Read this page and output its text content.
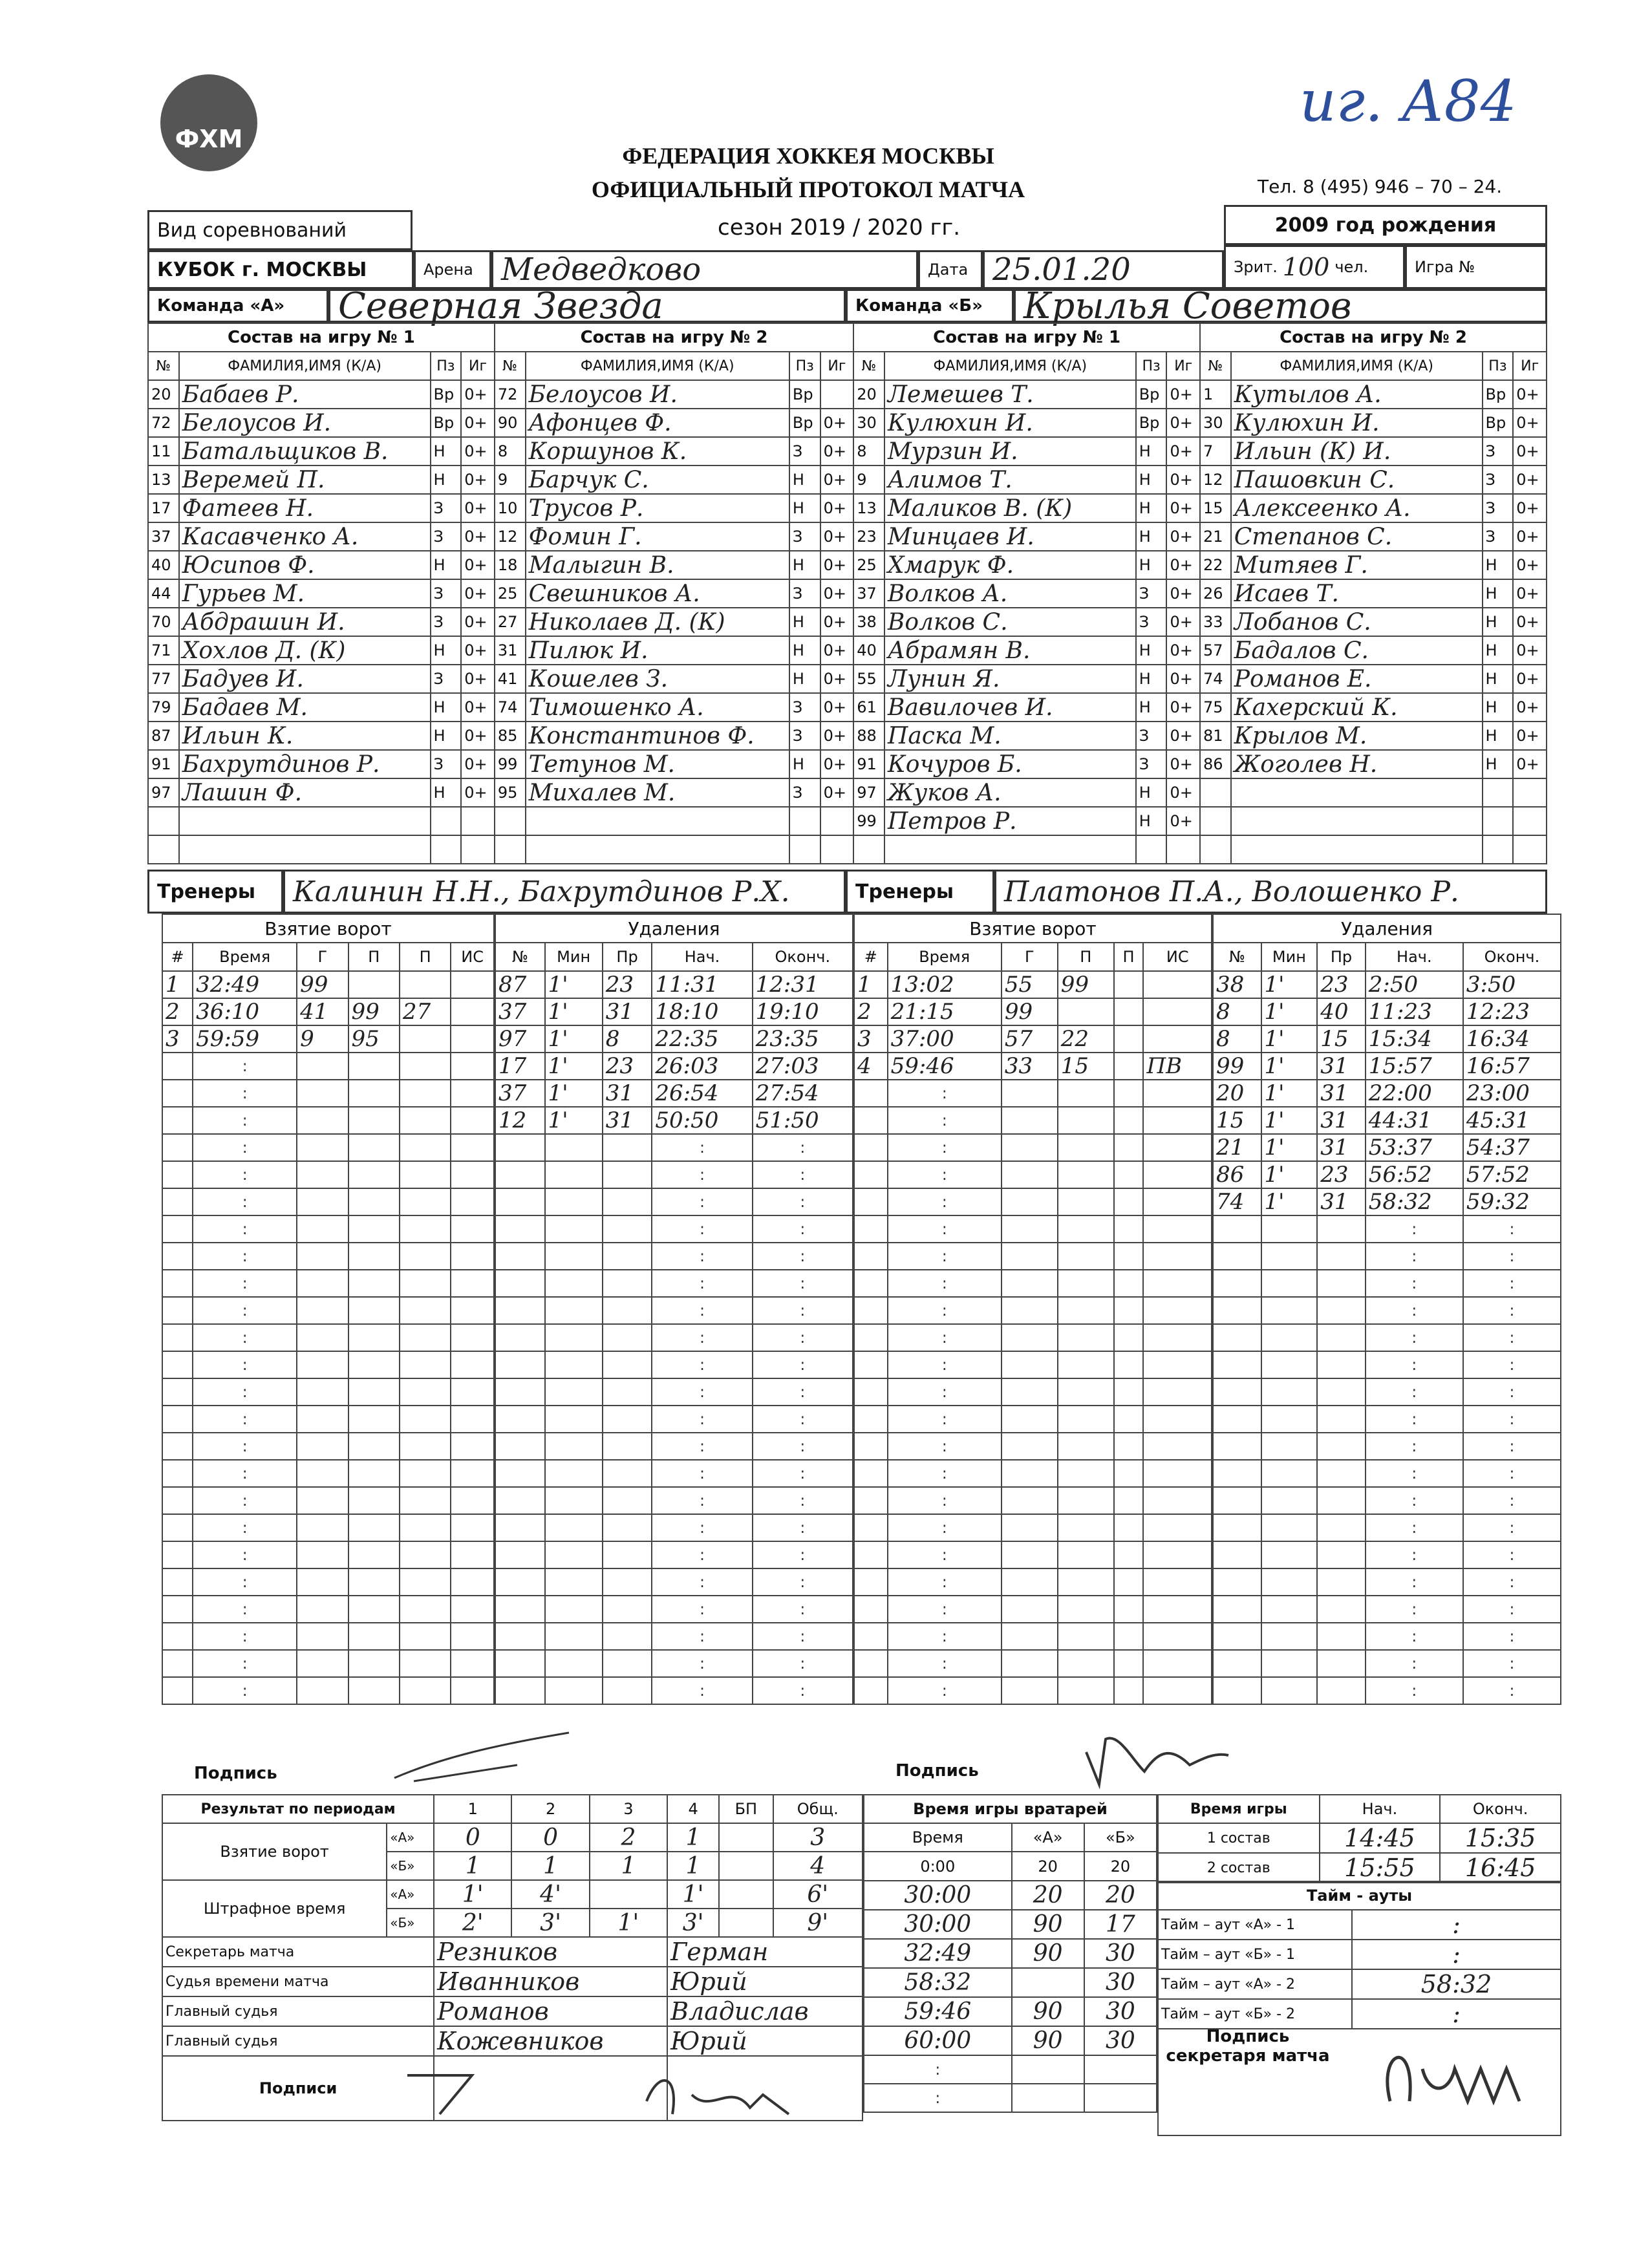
иг. А84
ФХМ
ФЕДЕРАЦИЯ ХОККЕЯ МОСКВЫ
ОФИЦИАЛЬНЫЙ ПРОТОКОЛ МАТЧА	Тел. 8 (495) 946 – 70 – 24.
Вид соревнований	сезон 2019 / 2020 гг.	2009 год рождения
КУБОК г. МОСКВЫ	Арена Медведково	Дата 25.01.20	Зрит. 100 чел.	Игра №
Команда «А»	Северная Звезда	Команда «Б»	Крылья Советов
Состав на игру № 1				Состав на игру № 2				Состав на игру № 1				Состав на игру № 2			
№	ФАМИЛИЯ,ИМЯ (К/А)	Пз	Иг	№	ФАМИЛИЯ,ИМЯ (К/А)	Пз	Иг	№	ФАМИЛИЯ,ИМЯ (К/А)	Пз	Иг	№	ФАМИЛИЯ,ИМЯ (К/А)	Пз	Иг
20	Бабаев Р.	Вр	0+	72	Белоусов И.	Вр		20	Лемешев Т.	Вр	0+	1	Кутылов А.	Вр	0+
72	Белоусов И.	Вр	0+	90	Афонцев Ф.	Вр	0+	30	Кулюхин И.	Вр	0+	30	Кулюхин И.	Вр	0+
11	Батальщиков В.	Н	0+	8	Коршунов К.	З	0+	8	Мурзин И.	Н	0+	7	Ильин (К) И.	З	0+
13	Веремей П.	Н	0+	9	Барчук С.	Н	0+	9	Алимов Т.	Н	0+	12	Пашовкин С.	З	0+
17	Фатеев Н.	З	0+	10	Трусов Р.	Н	0+	13	Маликов В. (К)	Н	0+	15	Алексеенко А.	З	0+
37	Касавченко А.	З	0+	12	Фомин Г.	З	0+	23	Минцаев И.	Н	0+	21	Степанов С.	З	0+
40	Юсипов Ф.	Н	0+	18	Малыгин В.	Н	0+	25	Хмарук Ф.	Н	0+	22	Митяев Г.	Н	0+
44	Гурьев М.	З	0+	25	Свешников А.	З	0+	37	Волков А.	З	0+	26	Исаев Т.	Н	0+
70	Абдрашин И.	З	0+	27	Николаев Д. (К)	Н	0+	38	Волков С.	З	0+	33	Лобанов С.	Н	0+
71	Хохлов Д. (К)	Н	0+	31	Пилюк И.	Н	0+	40	Абрамян В.	Н	0+	57	Бадалов С.	Н	0+
77	Бадуев И.	З	0+	41	Кошелев З.	Н	0+	55	Лунин Я.	Н	0+	74	Романов Е.	Н	0+
79	Бадаев М.	Н	0+	74	Тимошенко А.	З	0+	61	Вавилочев И.	Н	0+	75	Кахерский К.	Н	0+
87	Ильин К.	Н	0+	85	Константинов Ф.	З	0+	88	Паска М.	З	0+	81	Крылов М.	Н	0+
91	Бахрутдинов Р.	З	0+	99	Тетунов М.	Н	0+	91	Кочуров Б.	З	0+	86	Жоголев Н.	Н	0+
97	Лашин Ф.	Н	0+	95	Михалев М.	З	0+	97	Жуков А.	Н	0+				
								99	Петров Р.	Н	0+				

Тренеры	Калинин Н.Н., Бахрутдинов Р.Х.	Тренеры	Платонов П.А., Волошенко Р.
Взятие ворот					
#	Время	Г	П	П	ИС
1	32:49	99			
2	36:10	41	99	27	
3	59:59	9	95		
	:				
	:				
	:				
	:				
	:				
	:				
	:				
	:				
	:				
	:				
	:				
	:				
	:				
	:				
	:				
	:				
	:				
	:				
	:				
	:				
	:				
	:				
	:				
	:				
Удаления				
№	Мин	Пр	Нач.	Оконч.
87	1'	23	11:31	12:31
37	1'	31	18:10	19:10
97	1'	8	22:35	23:35
17	1'	23	26:03	27:03
37	1'	31	26:54	27:54
12	1'	31	50:50	51:50
			:	:
			:	:
			:	:
			:	:
			:	:
			:	:
			:	:
			:	:
			:	:
			:	:
			:	:
			:	:
			:	:
			:	:
			:	:
			:	:
			:	:
			:	:
			:	:
			:	:
			:	:
Взятие ворот					
#	Время	Г	П	П	ИС
1	13:02	55	99		
2	21:15	99			
3	37:00	57	22		
4	59:46	33	15		ПВ
	:				
	:				
	:				
	:				
	:				
	:				
	:				
	:				
	:				
	:				
	:				
	:				
	:				
	:				
	:				
	:				
	:				
	:				
	:				
	:				
	:				
	:				
	:				
Удаления				
№	Мин	Пр	Нач.	Оконч.
38	1'	23	2:50	3:50
8	1'	40	11:23	12:23
8	1'	15	15:34	16:34
99	1'	31	15:57	16:57
20	1'	31	22:00	23:00
15	1'	31	44:31	45:31
21	1'	31	53:37	54:37
86	1'	23	56:52	57:52
74	1'	31	58:32	59:32
			:	:
			:	:
			:	:
			:	:
			:	:
			:	:
			:	:
			:	:
			:	:
			:	:
			:	:
			:	:
			:	:
			:	:
			:	:
			:	:
			:	:
			:	:
Подпись	Подпись
Результат по периодам		1	2	3	4	БП	Общ.
Взятие ворот	«А»	0	0	2	1		3
	«Б»	1	1	1	1		4
Штрафное время	«А»	1'	4'		1'		6'
	«Б»	2'	3'	1'	3'		9'
Секретарь матча		Резников			Герман		
Судья времени матча		Иванников			Юрий		
Главный судья		Романов			Владислав		
Главный судья		Кожевников			Юрий		
Подписи							
Время игры вратарей		
Время	«А»	«Б»
0:00	20	20
30:00	20	20
30:00	90	17
32:49	90	30
58:32		30
59:46	90	30
60:00	90	30
:		
:		
Время игры	Нач.	Оконч.
1 состав	14:45	15:35
2 состав	15:55	16:45
Тайм - ауты	
Тайм – аут «А» - 1	:
Тайм – аут «Б» - 1	:
Тайм – аут «А» - 2	58:32
Тайм – аут «Б» - 2	:

Подпись секретаря матча
